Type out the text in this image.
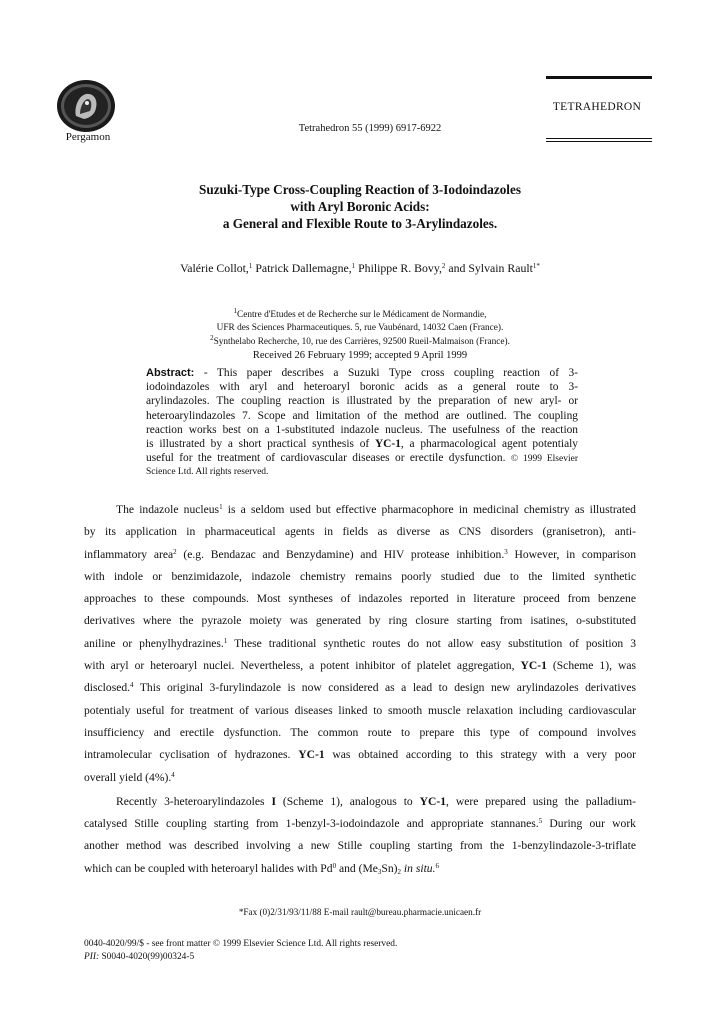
Pergamon
Tetrahedron 55 (1999) 6917-6922
TETRAHEDRON
Suzuki-Type Cross-Coupling Reaction of 3-Iodoindazoles
with Aryl Boronic Acids:
a General and Flexible Route to 3-Arylindazoles.
Valérie Collot,$^1$ Patrick Dallemagne,$^1$ Philippe R. Bovy,$^2$ and Sylvain Rault$^{1*}$
$^1$Centre d'Etudes et de Recherche sur le Médicament de Normandie,
UFR des Sciences Pharmaceutiques. 5, rue Vaubénard, 14032 Caen (France).
$^2$Synthelabo Recherche, 10, rue des Carrières, 92500 Rueil-Malmaison (France).
Received 26 February 1999; accepted 9 April 1999
Abstract: - This paper describes a Suzuki Type cross coupling reaction of 3-
iodoindazoles with aryl and heteroaryl boronic acids as a general route to 3-
arylindazoles. The coupling reaction is illustrated by the preparation of new aryl- or
heteroarylindazoles 7. Scope and limitation of the method are outlined. The coupling
reaction works best on a 1-substituted indazole nucleus. The usefulness of the reaction
is illustrated by a short practical synthesis of YC-1, a pharmacological agent potentialy
useful for the treatment of cardiovascular diseases or erectile dysfunction. © 1999 Elsevier
Science Ltd. All rights reserved.
The indazole nucleus$^1$ is a seldom used but effective pharmacophore in medicinal chemistry as illustrated
by its application in pharmaceutical agents in fields as diverse as CNS disorders (granisetron), anti-
inflammatory area$^2$ (e.g. Bendazac and Benzydamine) and HIV protease inhibition.$^3$ However, in comparison
with indole or benzimidazole, indazole chemistry remains poorly studied due to the limited synthetic
approaches to these compounds. Most syntheses of indazoles reported in literature proceed from benzene
derivatives where the pyrazole moiety was generated by ring closure starting from isatines, o-substituted
aniline or phenylhydrazines.$^1$ These traditional synthetic routes do not allow easy substitution of position 3
with aryl or heteroaryl nuclei. Nevertheless, a potent inhibitor of platelet aggregation, YC-1 (Scheme 1), was
disclosed.$^4$ This original 3-furylindazole is now considered as a lead to design new arylindazoles derivatives
potentialy useful for treatment of various diseases linked to smooth muscle relaxation including cardiovascular
insufficiency and erectile dysfunction. The common route to prepare this type of compound involves
intramolecular cyclisation of hydrazones. YC-1 was obtained according to this strategy with a very poor
overall yield (4%).$^4$
Recently 3-heteroarylindazoles I (Scheme 1), analogous to YC-1, were prepared using the palladium-
catalysed Stille coupling starting from 1-benzyl-3-iodoindazole and appropriate stannanes.$^5$ During our work
another method was described involving a new Stille coupling starting from the 1-benzylindazole-3-triflate
which can be coupled with heteroaryl halides with Pd$^0$ and $(Me_3Sn)_2$ in situ.$^6$
*Fax (0)2/31/93/11/88 E-mail rault@bureau.pharmacie.unicaen.fr
0040-4020/99/$ - see front matter © 1999 Elsevier Science Ltd. All rights reserved.
PII: S0040-4020(99)00324-5
